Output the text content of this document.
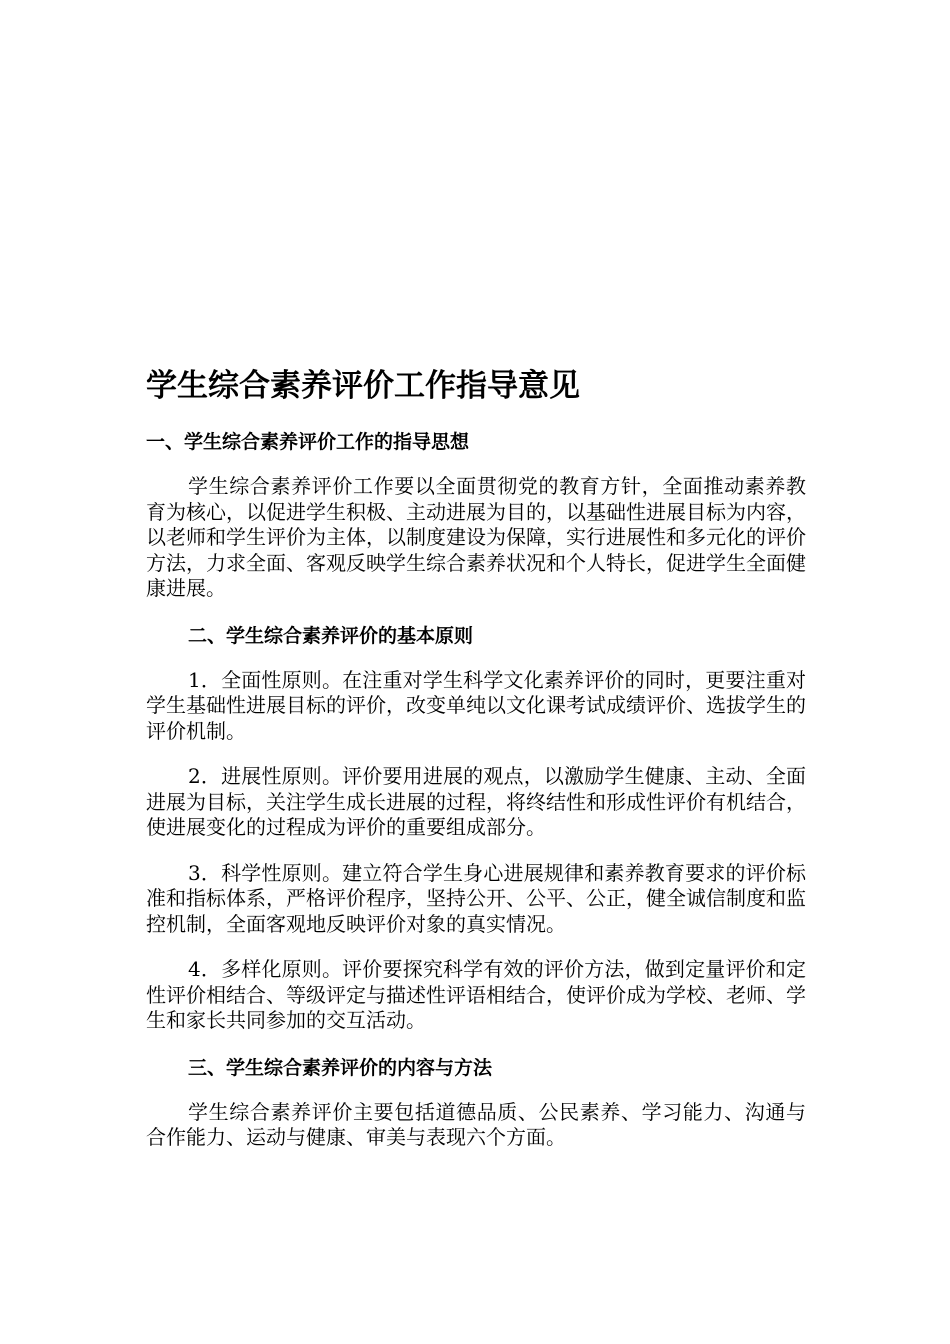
学生综合素养评价工作指导意见
一、学生综合素养评价工作的指导思想

学生综合素养评价工作要以全面贯彻党的教育方针，全面推动素养教育为核心，以促进学生积极、主动进展为目的，以基础性进展目标为内容，以老师和学生评价为主体，以制度建设为保障，实行进展性和多元化的评价方法，力求全面、客观反映学生综合素养状况和个人特长，促进学生全面健康进展。

二、学生综合素养评价的基本原则

1．全面性原则。在注重对学生科学文化素养评价的同时，更要注重对学生基础性进展目标的评价，改变单纯以文化课考试成绩评价、选拔学生的评价机制。

2．进展性原则。评价要用进展的观点，以激励学生健康、主动、全面进展为目标，关注学生成长进展的过程，将终结性和形成性评价有机结合，使进展变化的过程成为评价的重要组成部分。

3．科学性原则。建立符合学生身心进展规律和素养教育要求的评价标准和指标体系，严格评价程序，坚持公开、公平、公正，健全诚信制度和监控机制，全面客观地反映评价对象的真实情况。

4．多样化原则。评价要探究科学有效的评价方法，做到定量评价和定性评价相结合、等级评定与描述性评语相结合，使评价成为学校、老师、学生和家长共同参加的交互活动。

三、学生综合素养评价的内容与方法

学生综合素养评价主要包括道德品质、公民素养、学习能力、沟通与合作能力、运动与健康、审美与表现六个方面。
